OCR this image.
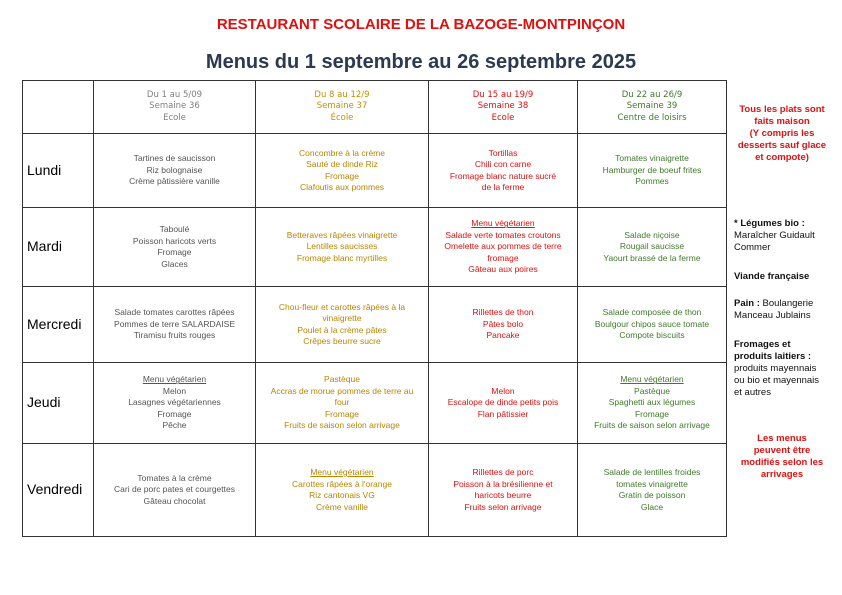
RESTAURANT SCOLAIRE DE LA BAZOGE-MONTPINÇON
Menus du 1 septembre au 26 septembre 2025

	Du 1 au 5/09
Semaine 36
Ecole	Du 8 au 12/9
Semaine 37
École	Du 15 au 19/9
Semaine 38
Ecole	Du 22 au 26/9
Semaine 39
Centre de loisirs

Lundi	Tartines de saucisson
Riz bolognaise
Crème pâtissière vanille	Concombre à la crème
Sauté de dinde Riz
Fromage
Clafoutis aux pommes	Tortillas
Chili con carne
Fromage blanc nature sucré
de la ferme	Tomates vinaigrette
Hamburger de boeuf frites
Pommes

Mardi	Taboulé
Poisson haricots verts
Fromage
Glaces	Betteraves râpées vinaigrette
Lentilles saucisses
Fromage blanc myrtilles	Menu végétarien
Salade verte tomates croutons
Omelette aux pommes de terre
fromage
Gâteau aux poires	Salade niçoise
Rougail saucisse
Yaourt brassé de la ferme

Mercredi	Salade tomates carottes râpées
Pommes de terre SALARDAISE
Tiramisu fruits rouges	Chou-fleur et carottes râpées à la
vinaigrette
Poulet à la crème pâtes
Crêpes beurre sucre	Rillettes de thon
Pâtes bolo
Pancake	Salade composée de thon
Boulgour chipos sauce tomate
Compote biscuits

Jeudi	Menu végétarien
Melon
Lasagnes végétariennes
Fromage
Pêche	Pastèque
Accras de morue pommes de terre au
four
Fromage
Fruits de saison selon arrivage	Melon
Escalope de dinde petits pois
Flan pâtissier	Menu végétarien
Pastèque
Spaghetti aux légumes
Fromage
Fruits de saison selon arrivage

Vendredi	Tomates à la crème
Cari de porc pates et courgettes
Gâteau chocolat	Menu végétarien
Carottes râpées à l'orange
Riz cantonais VG
Crème vanille	Rillettes de porc
Poisson à la brésilienne et
haricots beurre
Fruits selon arrivage	Salade de lentilles froides
tomates vinaigrette
Gratin de poisson
Glace
Tous les plats sont
faits maison
(Y compris les
desserts sauf glace
et compote)
* Légumes bio :
Maraîcher Guidault
Commer
Viande française
Pain : Boulangerie
Manceau Jublains
Fromages et
produits laitiers :
produits mayennais
ou bio et mayennais
et autres
Les menus
peuvent être
modifiés selon les
arrivages
